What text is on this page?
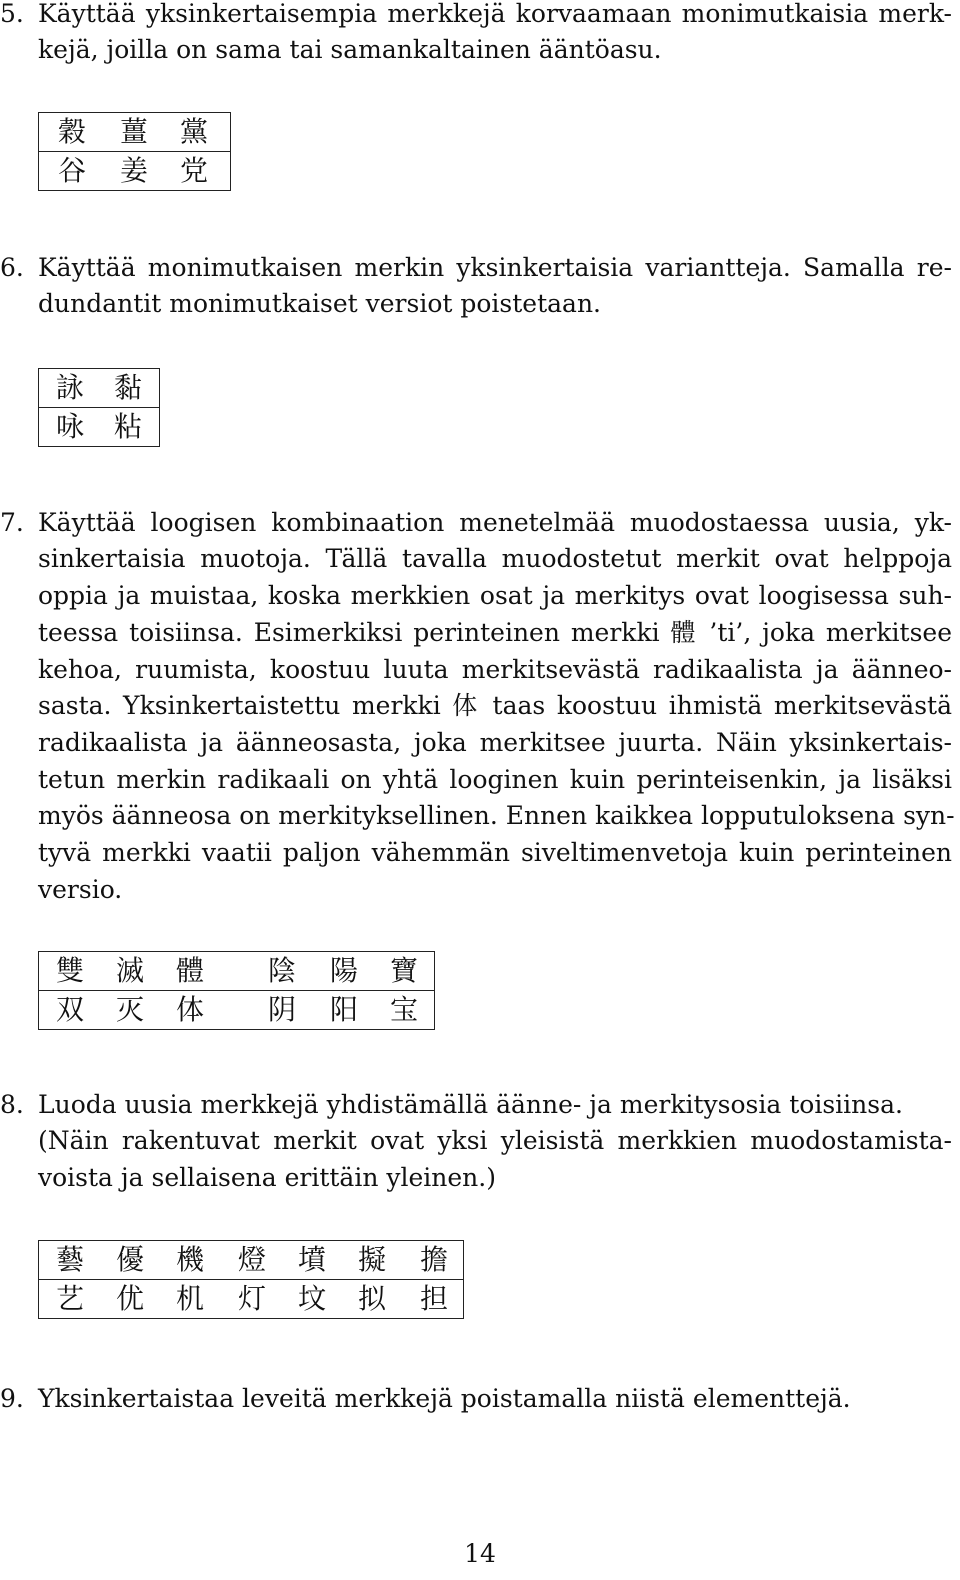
5. Käyttää yksinkertaisempia merkkejä korvaamaan monimutkaisia merk-
kejä, joilla on sama tai samankaltainen ääntöasu.
穀 薑 黨
谷 姜 党
6. Käyttää monimutkaisen merkin yksinkertaisia variantteja. Samalla re-
dundantit monimutkaiset versiot poistetaan.
詠 黏
咏 粘
7. Käyttää loogisen kombinaation menetelmää muodostaessa uusia, yk-
sinkertaisia muotoja. Tällä tavalla muodostetut merkit ovat helppoja
oppia ja muistaa, koska merkkien osat ja merkitys ovat loogisessa suh-
teessa toisiinsa. Esimerkiksi perinteinen merkki 體 ’ti’, joka merkitsee
kehoa, ruumista, koostuu luuta merkitsevästä radikaalista ja äänneo-
sasta. Yksinkertaistettu merkki 体 taas koostuu ihmistä merkitsevästä
radikaalista ja äänneosasta, joka merkitsee juurta. Näin yksinkertais-
tetun merkin radikaali on yhtä looginen kuin perinteisenkin, ja lisäksi
myös äänneosa on merkityksellinen. Ennen kaikkea lopputuloksena syn-
tyvä merkki vaatii paljon vähemmän siveltimenvetoja kuin perinteinen
versio.
雙 滅 體 陰 陽 寶
双 灭 体 阴 阳 宝
8. Luoda uusia merkkejä yhdistämällä äänne- ja merkitysosia toisiinsa.
(Näin rakentuvat merkit ovat yksi yleisistä merkkien muodostamista-
voista ja sellaisena erittäin yleinen.)
藝 優 機 燈 墳 擬 擔
艺 优 机 灯 坟 拟 担
9. Yksinkertaistaa leveitä merkkejä poistamalla niistä elementtejä.
14
